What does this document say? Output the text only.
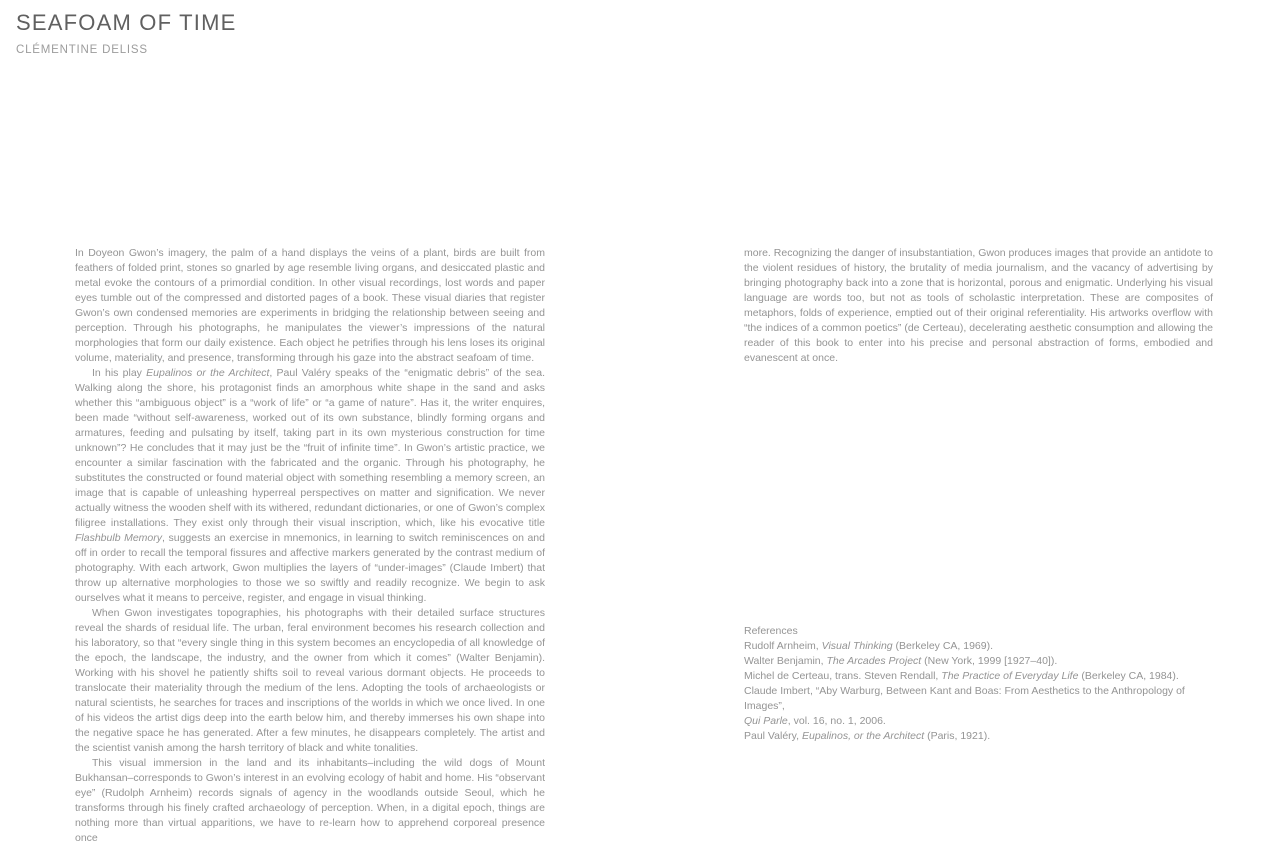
SEAFOAM OF TIME
CLÉMENTINE DELISS

In Doyeon Gwon’s imagery, the palm of a hand displays the veins of a plant, birds are built from feathers of folded print, stones so gnarled by age resemble living organs, and desiccated plastic and metal evoke the contours of a primordial condition. In other visual recordings, lost words and paper eyes tumble out of the compressed and distorted pages of a book. These visual diaries that register Gwon’s own condensed memories are experiments in bridging the relationship between seeing and perception. Through his photographs, he manipulates the viewer’s impressions of the natural morphologies that form our daily existence. Each object he petrifies through his lens loses its original volume, materiality, and presence, transforming through his gaze into the abstract seafoam of time.

In his play Eupalinos or the Architect, Paul Valéry speaks of the “enigmatic debris” of the sea. Walking along the shore, his protagonist finds an amorphous white shape in the sand and asks whether this “ambiguous object” is a “work of life” or “a game of nature”. Has it, the writer enquires, been made “without self-awareness, worked out of its own substance, blindly forming organs and armatures, feeding and pulsating by itself, taking part in its own mysterious construction for time unknown”? He concludes that it may just be the “fruit of infinite time”. In Gwon’s artistic practice, we encounter a similar fascination with the fabricated and the organic. Through his photography, he substitutes the constructed or found material object with something resembling a memory screen, an image that is capable of unleashing hyperreal perspectives on matter and signification. We never actually witness the wooden shelf with its withered, redundant dictionaries, or one of Gwon’s complex filigree installations. They exist only through their visual inscription, which, like his evocative title Flashbulb Memory, suggests an exercise in mnemonics, in learning to switch reminiscences on and off in order to recall the temporal fissures and affective markers generated by the contrast medium of photography. With each artwork, Gwon multiplies the layers of “under-images” (Claude Imbert) that throw up alternative morphologies to those we so swiftly and readily recognize. We begin to ask ourselves what it means to perceive, register, and engage in visual thinking.

When Gwon investigates topographies, his photographs with their detailed surface structures reveal the shards of residual life. The urban, feral environment becomes his research collection and his laboratory, so that “every single thing in this system becomes an encyclopedia of all knowledge of the epoch, the landscape, the industry, and the owner from which it comes” (Walter Benjamin). Working with his shovel he patiently shifts soil to reveal various dormant objects. He proceeds to translocate their materiality through the medium of the lens. Adopting the tools of archaeologists or natural scientists, he searches for traces and inscriptions of the worlds in which we once lived. In one of his videos the artist digs deep into the earth below him, and thereby immerses his own shape into the negative space he has generated. After a few minutes, he disappears completely. The artist and the scientist vanish among the harsh territory of black and white tonalities.

This visual immersion in the land and its inhabitants–including the wild dogs of Mount Bukhansan–corresponds to Gwon’s interest in an evolving ecology of habit and home. His “observant eye” (Rudolph Arnheim) records signals of agency in the woodlands outside Seoul, which he transforms through his finely crafted archaeology of perception. When, in a digital epoch, things are nothing more than virtual apparitions, we have to re-learn how to apprehend corporeal presence once

more. Recognizing the danger of insubstantiation, Gwon produces images that provide an antidote to the violent residues of history, the brutality of media journalism, and the vacancy of advertising by bringing photography back into a zone that is horizontal, porous and enigmatic. Underlying his visual language are words too, but not as tools of scholastic interpretation. These are composites of metaphors, folds of experience, emptied out of their original referentiality. His artworks overflow with “the indices of a common poetics” (de Certeau), decelerating aesthetic consumption and allowing the reader of this book to enter into his precise and personal abstraction of forms, embodied and evanescent at once.

References

Rudolf Arnheim, Visual Thinking (Berkeley CA, 1969).

Walter Benjamin, The Arcades Project (New York, 1999 [1927–40]).

Michel de Certeau, trans. Steven Rendall, The Practice of Everyday Life (Berkeley CA, 1984).

Claude Imbert, “Aby Warburg, Between Kant and Boas: From Aesthetics to the Anthropology of Images”,

Qui Parle, vol. 16, no. 1, 2006.

Paul Valéry, Eupalinos, or the Architect (Paris, 1921).
